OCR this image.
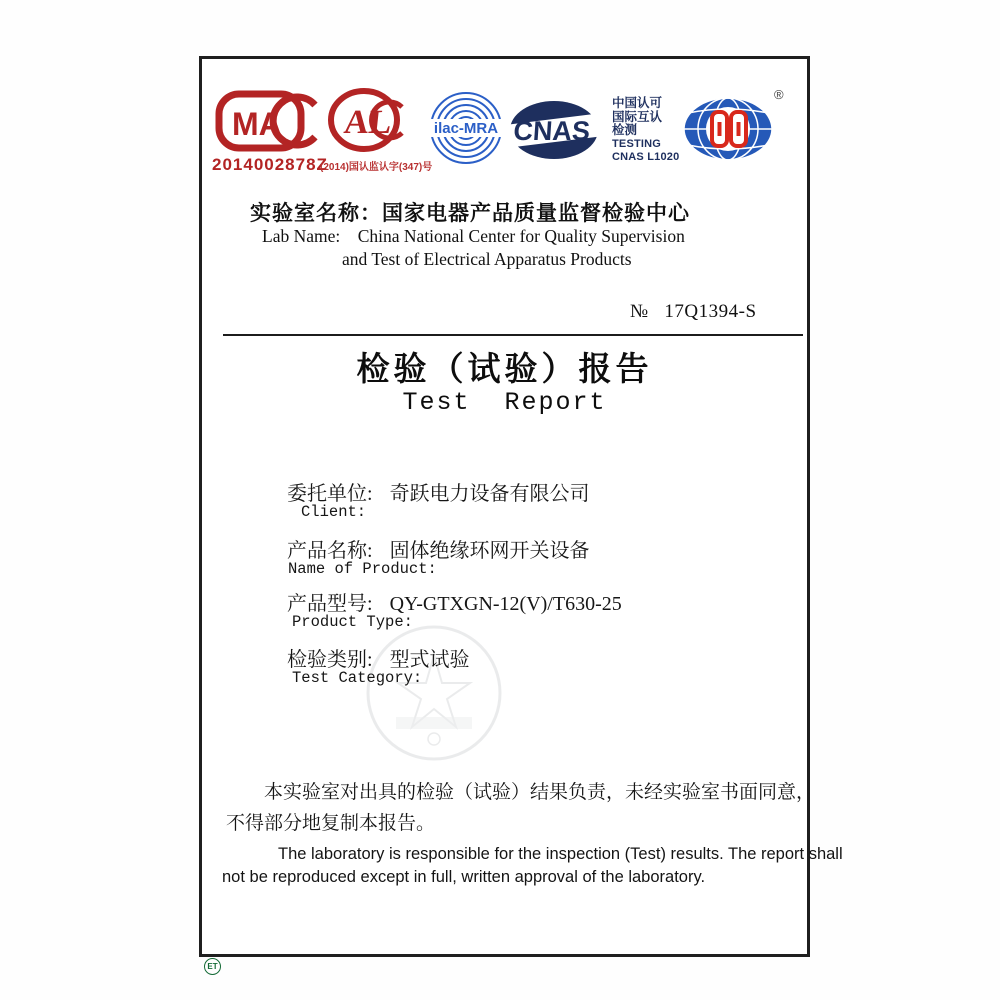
MA
2014002878Z
AL
(2014)国认监认字(347)号
ilac-MRA CNAS
中国认可
国际互认
检测
TESTING
CNAS L1020
®
实验室名称：国家电器产品质量监督检验中心
Lab Name: China National Center for Quality Supervision
and Test of Electrical Apparatus Products
№ 17Q1394-S
检验（试验）报告
Test  Report
委托单位: 奇跃电力设备有限公司
Client:
产品名称: 固体绝缘环网开关设备
Name of Product:
产品型号: QY-GTXGN-12(V)/T630-25
Product Type:
检验类别: 型式试验
Test Category:
本实验室对出具的检验（试验）结果负责，未经实验室书面同意，
不得部分地复制本报告。
The laboratory is responsible for the inspection (Test) results. The report shall
not be reproduced except in full, written approval of the laboratory.
ET
